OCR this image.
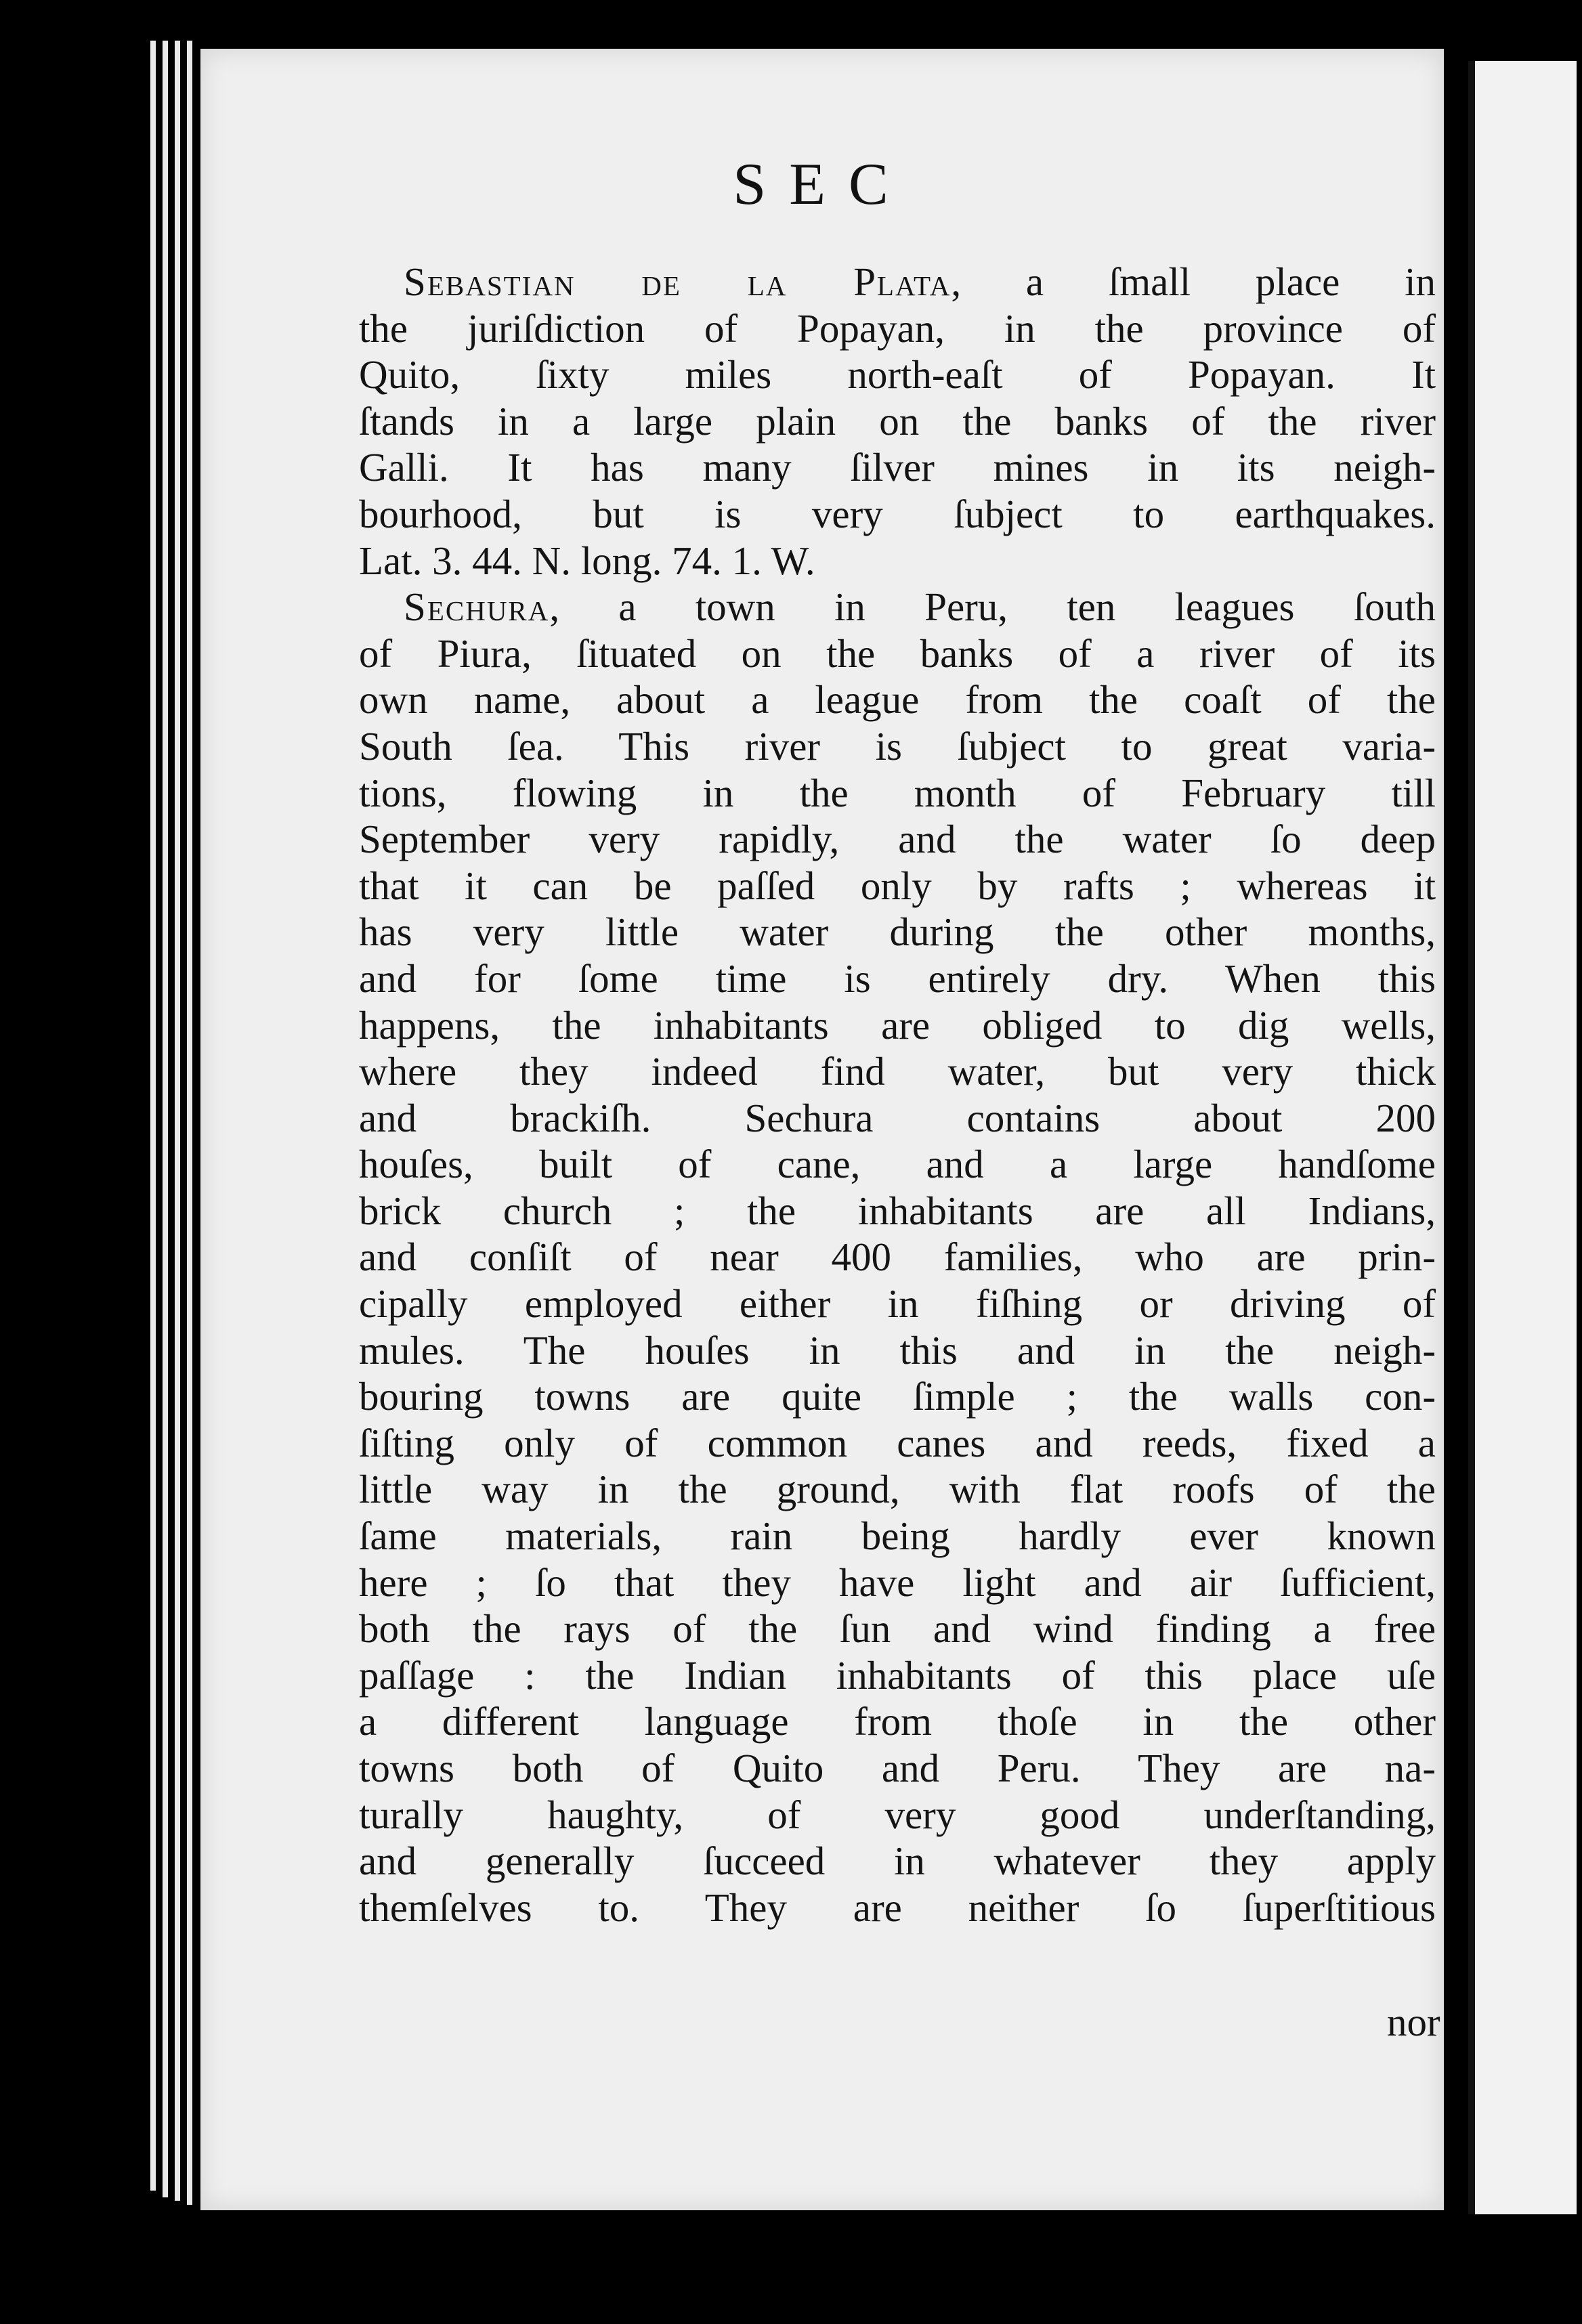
SEC
Sebastian de la Plata, a ſmall place in
the juriſdiction of Popayan, in the province of
Quito, ſixty miles north-eaſt of Popayan. It
ſtands in a large plain on the banks of the river
Galli. It has many ſilver mines in its neigh-
bourhood, but is very ſubject to earthquakes.
Lat. 3. 44. N. long. 74. 1. W.
Sechura, a town in Peru, ten leagues ſouth
of Piura, ſituated on the banks of a river of its
own name, about a league from the coaſt of the
South ſea. This river is ſubject to great varia-
tions, flowing in the month of February till
September very rapidly, and the water ſo deep
that it can be paſſed only by rafts ; whereas it
has very little water during the other months,
and for ſome time is entirely dry. When this
happens, the inhabitants are obliged to dig wells,
where they indeed find water, but very thick
and brackiſh. Sechura contains about 200
houſes, built of cane, and a large handſome
brick church ; the inhabitants are all Indians,
and conſiſt of near 400 families, who are prin-
cipally employed either in fiſhing or driving of
mules. The houſes in this and in the neigh-
bouring towns are quite ſimple ; the walls con-
ſiſting only of common canes and reeds, fixed a
little way in the ground, with flat roofs of the
ſame materials, rain being hardly ever known
here ; ſo that they have light and air ſufficient,
both the rays of the ſun and wind finding a free
paſſage : the Indian inhabitants of this place uſe
a different language from thoſe in the other
towns both of Quito and Peru. They are na-
turally haughty, of very good underſtanding,
and generally ſucceed in whatever they apply
themſelves to. They are neither ſo ſuperſtitious
nor
